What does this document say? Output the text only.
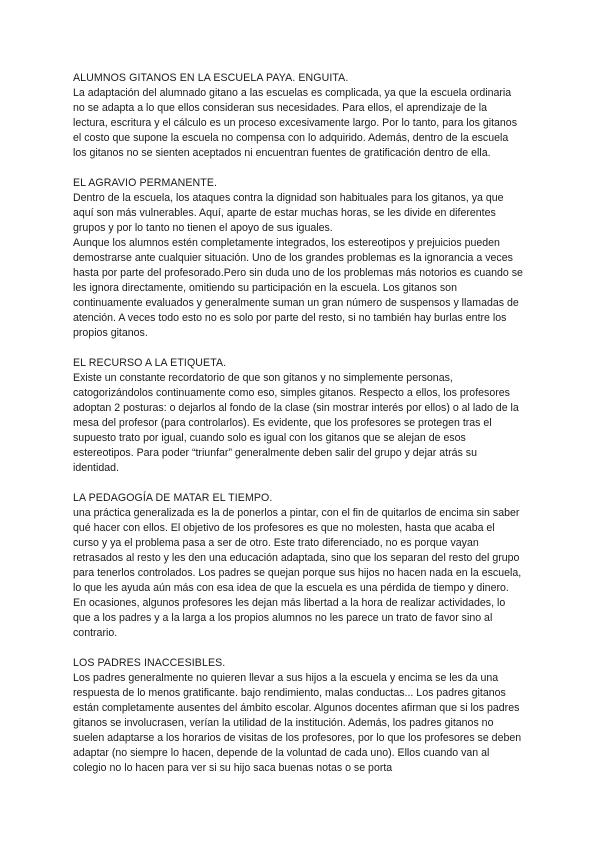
ALUMNOS GITANOS EN LA ESCUELA PAYA. ENGUITA.

La adaptación del alumnado gitano a las escuelas es complicada, ya que la escuela ordinaria no se adapta a lo que ellos consideran sus necesidades. Para ellos, el aprendizaje de la lectura, escritura y el cálculo es un proceso excesivamente largo. Por lo tanto, para los gitanos el costo que supone la escuela no compensa con lo adquirido. Además, dentro de la escuela los gitanos no se sienten aceptados ni encuentran fuentes de gratificación dentro de ella.

EL AGRAVIO PERMANENTE.

Dentro de la escuela, los ataques contra la dignidad son habituales para los gitanos, ya que aquí son más vulnerables. Aquí, aparte de estar muchas horas, se les divide en diferentes grupos y por lo tanto no tienen el apoyo de sus iguales.

Aunque los alumnos estén completamente integrados, los estereotipos y prejuicios pueden demostrarse ante cualquier situación. Uno de los grandes problemas es la ignorancia a veces hasta por parte del profesorado.Pero sin duda uno de los problemas más notorios es cuando se les ignora directamente, omitiendo su participación en la escuela. Los gitanos son continuamente evaluados y generalmente suman un gran número de suspensos y llamadas de atención. A veces todo esto no es solo por parte del resto, si no también hay burlas entre los propios gitanos.

EL RECURSO A LA ETIQUETA.

Existe un constante recordatorio de que son gitanos y no simplemente personas, catogorizándolos continuamente como eso, simples gitanos. Respecto a ellos, los profesores adoptan 2 posturas: o dejarlos al fondo de la clase (sin mostrar interés por ellos) o al lado de la mesa del profesor (para controlarlos). Es evidente, que los profesores se protegen tras el supuesto trato por igual, cuando solo es igual con los gitanos que se alejan de esos estereotipos. Para poder “triunfar” generalmente deben salir del grupo y dejar atrás su identidad.

LA PEDAGOGÍA DE MATAR EL TIEMPO.

una práctica generalizada es la de ponerlos a pintar, con el fin de quitarlos de encima sin saber qué hacer con ellos. El objetivo de los profesores es que no molesten, hasta que acaba el curso y ya el problema pasa a ser de otro. Este trato diferenciado, no es porque vayan retrasados al resto y les den una educación adaptada, sino que los separan del resto del grupo para tenerlos controlados. Los padres se quejan porque sus hijos no hacen nada en la escuela, lo que les ayuda aún más con esa idea de que la escuela es una pérdida de tiempo y dinero. En ocasiones, algunos profesores les dejan más libertad a la hora de realizar actividades, lo que a los padres y a la larga a los propios alumnos no les parece un trato de favor sino al contrario.

LOS PADRES INACCESIBLES.

Los padres generalmente no quieren llevar a sus hijos a la escuela y encima se les da una respuesta de lo menos gratificante. bajo rendimiento, malas conductas... Los padres gitanos están completamente ausentes del ámbito escolar. Algunos docentes afirman que si los padres gitanos se involucrasen, verían la utilidad de la institución. Además, los padres gitanos no suelen adaptarse a los horarios de visitas de los profesores, por lo que los profesores se deben adaptar (no siempre lo hacen, depende de la voluntad de cada uno). Ellos cuando van al colegio no lo hacen para ver si su hijo saca buenas notas o se porta
